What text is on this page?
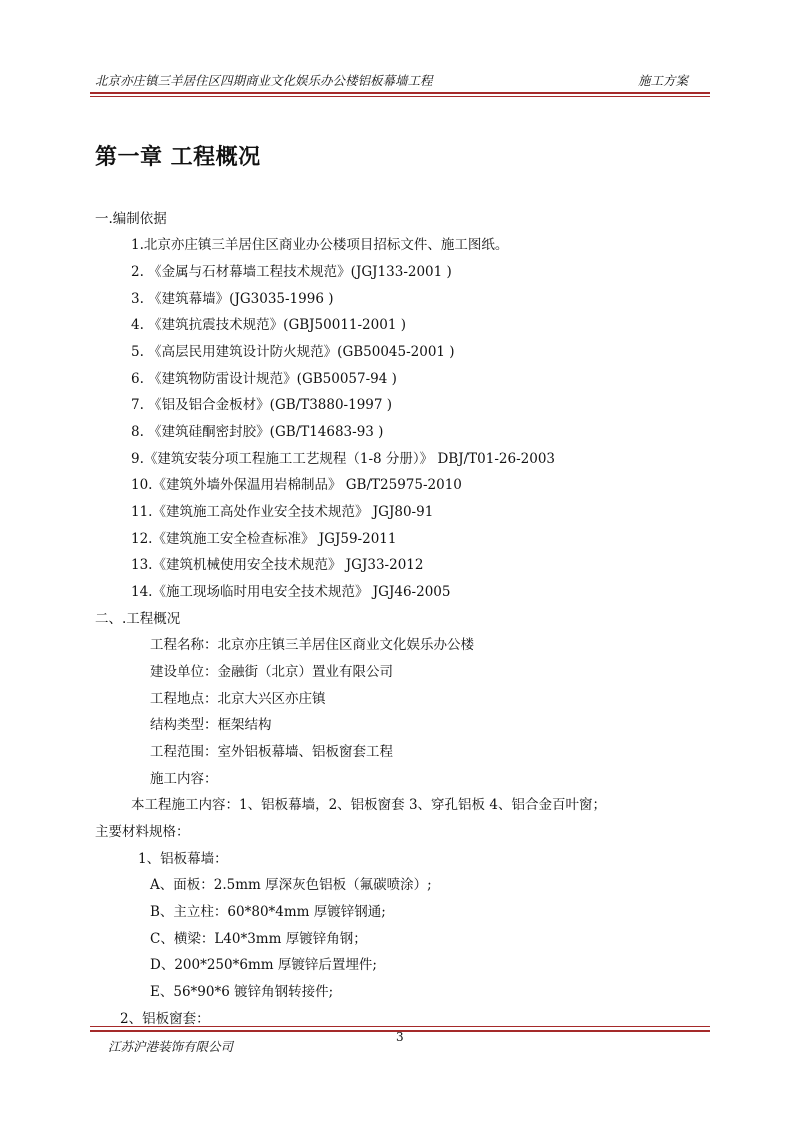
北京亦庄镇三羊居住区四期商业文化娱乐办公楼铝板幕墙工程	施工方案
第一章 工程概况
一.编制依据
1.北京亦庄镇三羊居住区商业办公楼项目招标文件、施工图纸。
2. 《金属与石材幕墙工程技术规范》(JGJ133-2001 )
3. 《建筑幕墙》(JG3035-1996 )
4. 《建筑抗震技术规范》(GBJ50011-2001 )
5. 《高层民用建筑设计防火规范》(GB50045-2001 )
6. 《建筑物防雷设计规范》(GB50057-94 )
7. 《铝及铝合金板材》(GB/T3880-1997 )
8. 《建筑硅酮密封胶》(GB/T14683-93 )
9.《建筑安装分项工程施工工艺规程（1-8 分册）》 DBJ/T01-26-2003
10.《建筑外墙外保温用岩棉制品》 GB/T25975-2010
11.《建筑施工高处作业安全技术规范》 JGJ80-91
12.《建筑施工安全检查标准》 JGJ59-2011
13.《建筑机械使用安全技术规范》 JGJ33-2012
14.《施工现场临时用电安全技术规范》 JGJ46-2005
二、.工程概况
工程名称：北京亦庄镇三羊居住区商业文化娱乐办公楼
建设单位：金融街（北京）置业有限公司
工程地点：北京大兴区亦庄镇
结构类型：框架结构
工程范围：室外铝板幕墙、铝板窗套工程
施工内容：
本工程施工内容：1、铝板幕墙，2、铝板窗套 3、穿孔铝板 4、铝合金百叶窗；
主要材料规格：
1、铝板幕墙：
A、面板：2.5mm 厚深灰色铝板（氟碳喷涂）;
B、主立柱：60*80*4mm 厚镀锌钢通;
C、横梁：L40*3mm 厚镀锌角钢；
D、200*250*6mm 厚镀锌后置埋件;
E、56*90*6 镀锌角钢转接件;
2、铝板窗套：
3
江苏沪港装饰有限公司
